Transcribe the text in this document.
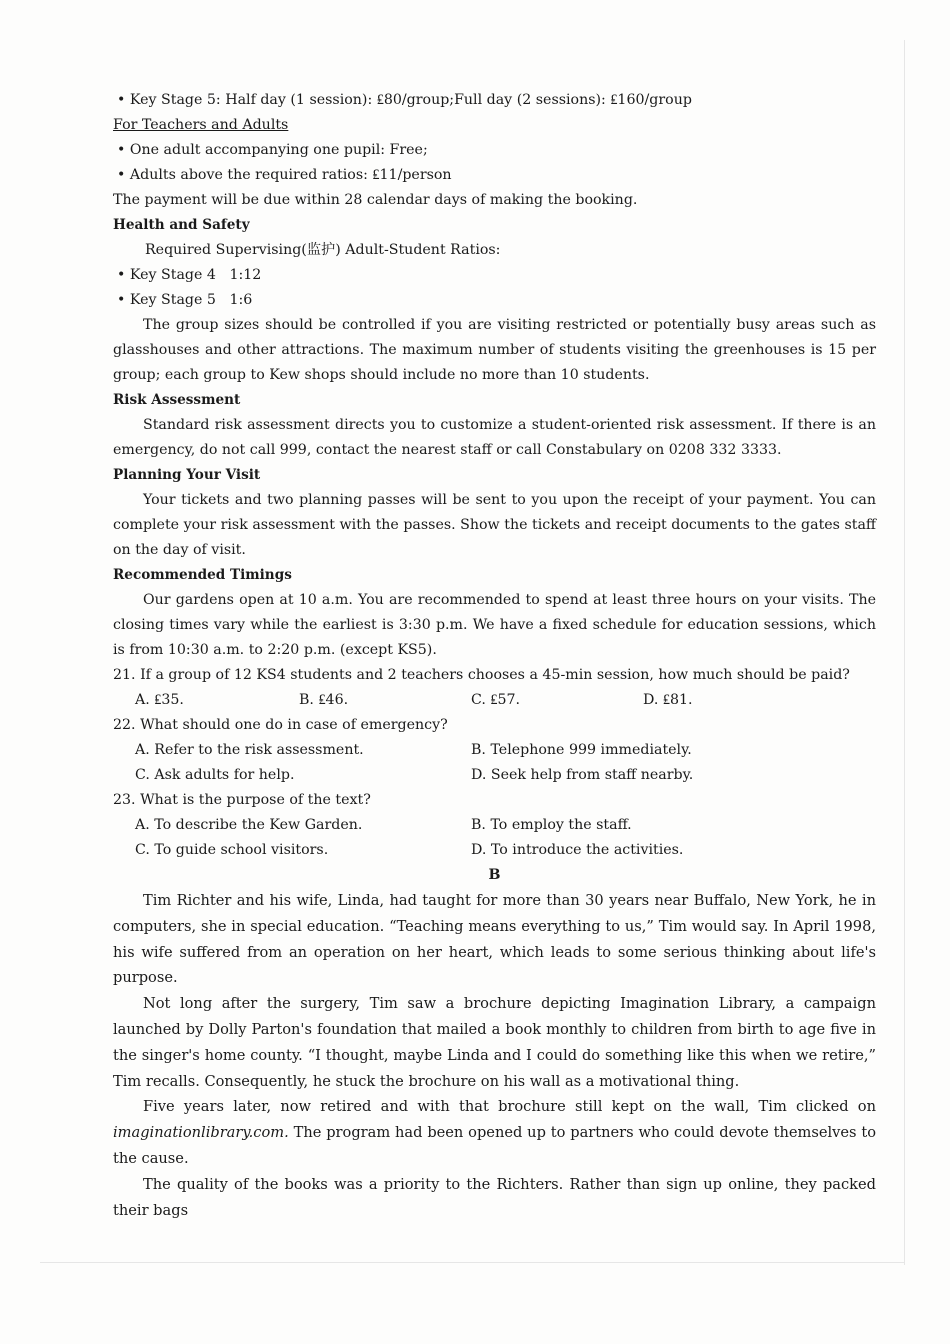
• Key Stage 5: Half day (1 session): ₤80/group;Full day (2 sessions): ₤160/group
For Teachers and Adults
• One adult accompanying one pupil: Free;
• Adults above the required ratios: ₤11/person
The payment will be due within 28 calendar days of making the booking.
Health and Safety
Required Supervising(监护) Adult-Student Ratios:
• Key Stage 4   1:12
• Key Stage 5   1:6

The group sizes should be controlled if you are visiting restricted or potentially busy areas such as glasshouses and other attractions. The maximum number of students visiting the greenhouses is 15 per group; each group to Kew shops should include no more than 10 students.

Risk Assessment

Standard risk assessment directs you to customize a student-oriented risk assessment. If there is an emergency, do not call 999, contact the nearest staff or call Constabulary on 0208 332 3333.

Planning Your Visit

Your tickets and two planning passes will be sent to you upon the receipt of your payment. You can complete your risk assessment with the passes. Show the tickets and receipt documents to the gates staff on the day of visit.

Recommended Timings

Our gardens open at 10 a.m. You are recommended to spend at least three hours on your visits. The closing times vary while the earliest is 3:30 p.m. We have a fixed schedule for education sessions, which is from 10:30 a.m. to 2:20 p.m. (except KS5).

21. If a group of 12 KS4 students and 2 teachers chooses a 45-min session, how much should be paid?
A. ₤35.	B. ₤46.	C. ₤57.	D. ₤81.
22. What should one do in case of emergency?
A. Refer to the risk assessment.	B. Telephone 999 immediately.
C. Ask adults for help.	D. Seek help from staff nearby.
23. What is the purpose of the text?
A. To describe the Kew Garden.	B. To employ the staff.
C. To guide school visitors.	D. To introduce the activities.
B

Tim Richter and his wife, Linda, had taught for more than 30 years near Buffalo, New York, he in computers, she in special education. “Teaching means everything to us,” Tim would say. In April 1998, his wife suffered from an operation on her heart, which leads to some serious thinking about life's purpose.

Not long after the surgery, Tim saw a brochure depicting Imagination Library, a campaign launched by Dolly Parton's foundation that mailed a book monthly to children from birth to age five in the singer's home county. “I thought, maybe Linda and I could do something like this when we retire,” Tim recalls. Consequently, he stuck the brochure on his wall as a motivational thing.

Five years later, now retired and with that brochure still kept on the wall, Tim clicked on imaginationlibrary.com. The program had been opened up to partners who could devote themselves to the cause.

The quality of the books was a priority to the Richters. Rather than sign up online, they packed their bags
